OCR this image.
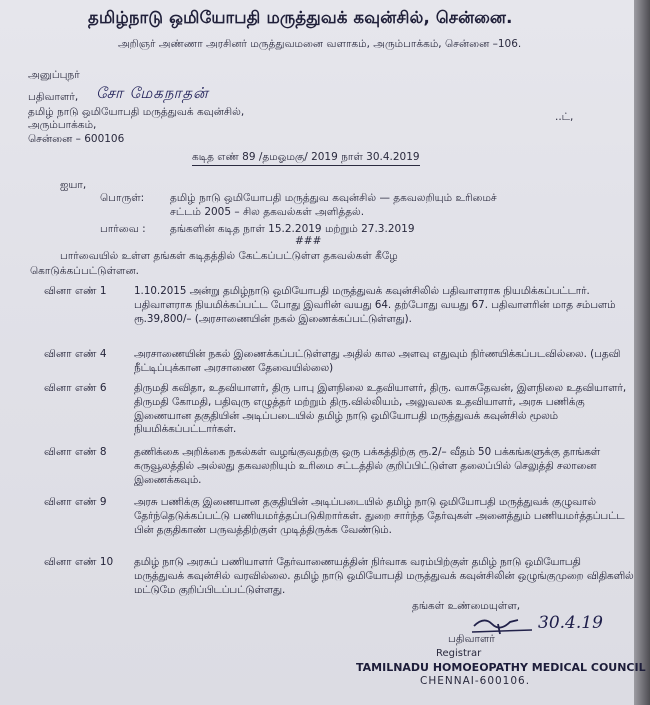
தமிழ்நாடு ஒமியோபதி மருத்துவக் கவுன்சில், சென்னை.
அறிஞர் அண்ணா அரசினர் மருத்துவமனை வளாகம், அரும்பாக்கம், சென்னை –106.
அனுப்புநர்
பதிவாளர், சோ மேகநாதன்
தமிழ் நாடு ஒமியோபதி மருத்துவக் கவுன்சில்,
அரும்பாக்கம்,
சென்னை – 600106
..ட்,
கடித எண் 89 /தமஓமகு/ 2019 நாள் 30.4.2019
ஐயா,
பொருள்: தமிழ் நாடு ஒமியோபதி மருத்துவ கவுன்சில் — தகவலறியும் உரிமைச்
சட்டம் 2005 – சில தகவல்கள் அளித்தல்.
பார்வை : தங்களின் கடித நாள் 15.2.2019 மற்றும் 27.3.2019
###
பார்வையில் உள்ள தங்கள் கடிதத்தில் கேட்கப்பட்டுள்ள தகவல்கள் கீழே
கொடுக்கப்பட்டுள்ளன.
வினா எண் 1	1.10.2015 அன்று தமிழ்நாடு ஒமியோபதி மருத்துவக் கவுன்சிலில் பதிவாளராக நியமிக்கப்பட்டார். பதிவாளராக நியமிக்கப்பட்ட போது இவரின் வயது 64. தற்போது வயது 67. பதிவாளரின் மாத சம்பளம் ரூ.39,800/– (அரசாணையின் நகல் இணைக்கப்பட்டுள்ளது).
வினா எண் 4	அரசாணையின் நகல் இணைக்கப்பட்டுள்ளது அதில் கால அளவு எதுவும் நிர்ணயிக்கப்படவில்லை. (பதவி நீட்டிப்புக்கான அரசாணை தேவையில்லை)
வினா எண் 6	திருமதி கவிதா, உதவியாளர், திரு பாபு இளநிலை உதவியாளர், திரு. வாசுதேவன், இளநிலை உதவியாளர், திருமதி கோமதி, பதிவுரு எழுத்தர் மற்றும் திரு.வில்லியம், அலுவலக உதவியாளர், அரசு பணிக்கு இணையான தகுதியின் அடிப்படையில் தமிழ் நாடு ஒமியோபதி மருத்துவக் கவுன்சில் மூலம் நியமிக்கப்பட்டார்கள்.
வினா எண் 8	தணிக்கை அறிக்கை நகல்கள் வழங்குவதற்கு ஒரு பக்கத்திற்கு ரூ.2/– வீதம் 50 பக்கங்களுக்கு தாங்கள் கருவூலத்தில் அல்லது தகவலறியும் உரிமை சட்டத்தில் குறிப்பிட்டுள்ள தலைப்பில் செலுத்தி சலானை இணைக்கவும்.
வினா எண் 9	அரசு பணிக்கு இணையான தகுதியின் அடிப்படையில் தமிழ் நாடு ஒமியோபதி மருத்துவக் குழுவால் தேர்ந்தெடுக்கப்பட்டு பணியமர்த்தப்படுகிறார்கள். துறை சார்ந்த தேர்வுகள் அனைத்தும் பணியமர்த்தப்பட்ட பின் தகுதிகாண் பருவத்திற்குள் முடித்திருக்க வேண்டும்.
வினா எண் 10 தமிழ் நாடு அரசுப் பணியாளர் தேர்வாணையத்தின் நிர்வாக வரம்பிற்குள் தமிழ் நாடு ஒமியோபதி மருத்துவக் கவுன்சில் வரவில்லை. தமிழ் நாடு ஒமியோபதி மருத்துவக் கவுன்சிலின் ஒழுங்குமுறை விதிகளில் மட்டுமே குறிப்பிடப்பட்டுள்ளது.
தங்கள் உண்மையுள்ள,
30.4.19
பதிவாளர்
Registrar
TAMILNADU HOMOEOPATHY MEDICAL COUNCIL
CHENNAI-600106.
